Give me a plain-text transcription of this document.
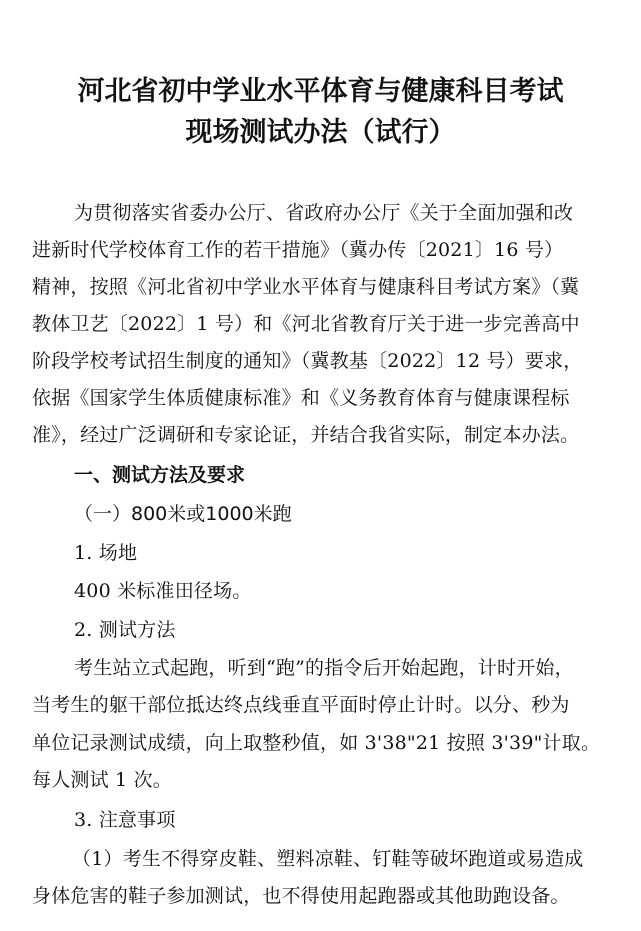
河北省初中学业水平体育与健康科目考试
现场测试办法（试行）
为贯彻落实省委办公厅、省政府办公厅《关于全面加强和改
进新时代学校体育工作的若干措施》（冀办传〔2021〕16 号）
精神，按照《河北省初中学业水平体育与健康科目考试方案》（冀
教体卫艺〔2022〕1 号）和《河北省教育厅关于进一步完善高中
阶段学校考试招生制度的通知》（冀教基〔2022〕12 号）要求，
依据《国家学生体质健康标准》和《义务教育体育与健康课程标
准》，经过广泛调研和专家论证，并结合我省实际，制定本办法。
一、测试方法及要求
（一）800米或1000米跑
1. 场地
400 米标准田径场。
2. 测试方法
考生站立式起跑，听到“跑”的指令后开始起跑，计时开始，
当考生的躯干部位抵达终点线垂直平面时停止计时。以分、秒为
单位记录测试成绩，向上取整秒值，如 3'38"21 按照 3'39"计取。
每人测试 1 次。
3. 注意事项
（1）考生不得穿皮鞋、塑料凉鞋、钉鞋等破坏跑道或易造成
身体危害的鞋子参加测试，也不得使用起跑器或其他助跑设备。
